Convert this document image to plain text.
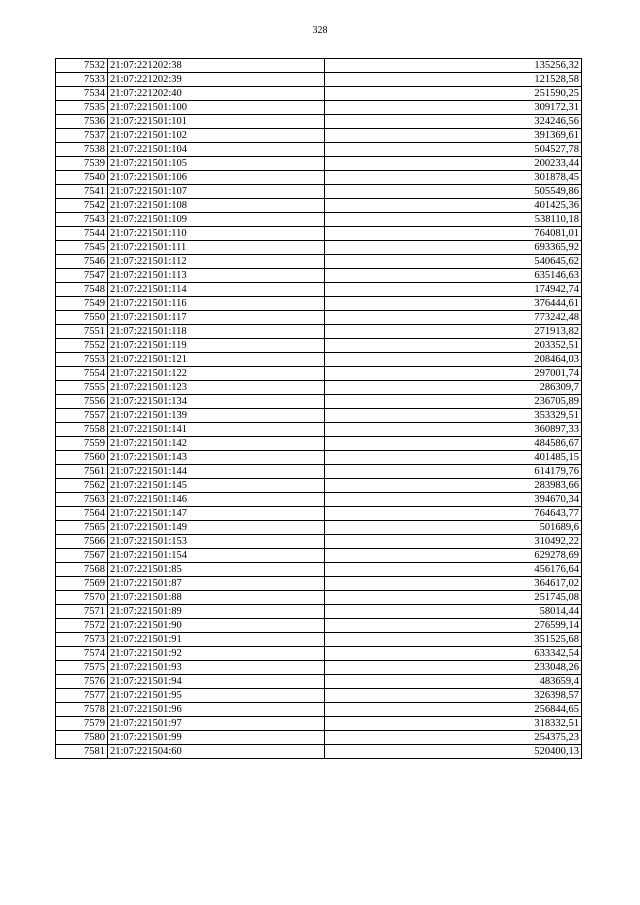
328
7532	21:07:221202:38	135256,32
7533	21:07:221202:39	121528,58
7534	21:07:221202:40	251590,25
7535	21:07:221501:100	309172,31
7536	21:07:221501:101	324246,56
7537	21:07:221501:102	391369,61
7538	21:07:221501:104	504527,78
7539	21:07:221501:105	200233,44
7540	21:07:221501:106	301878,45
7541	21:07:221501:107	505549,86
7542	21:07:221501:108	401425,36
7543	21:07:221501:109	538110,18
7544	21:07:221501:110	764081,01
7545	21:07:221501:111	693365,92
7546	21:07:221501:112	540645,62
7547	21:07:221501:113	635146,63
7548	21:07:221501:114	174942,74
7549	21:07:221501:116	376444,61
7550	21:07:221501:117	773242,48
7551	21:07:221501:118	271913,82
7552	21:07:221501:119	203352,51
7553	21:07:221501:121	208464,03
7554	21:07:221501:122	297001,74
7555	21:07:221501:123	286309,7
7556	21:07:221501:134	236705,89
7557	21:07:221501:139	353329,51
7558	21:07:221501:141	360897,33
7559	21:07:221501:142	484586,67
7560	21:07:221501:143	401485,15
7561	21:07:221501:144	614179,76
7562	21:07:221501:145	283983,66
7563	21:07:221501:146	394670,34
7564	21:07:221501:147	764643,77
7565	21:07:221501:149	501689,6
7566	21:07:221501:153	310492,22
7567	21:07:221501:154	629278,69
7568	21:07:221501:85	456176,64
7569	21:07:221501:87	364617,02
7570	21:07:221501:88	251745,08
7571	21:07:221501:89	58014,44
7572	21:07:221501:90	276599,14
7573	21:07:221501:91	351525,68
7574	21:07:221501:92	633342,54
7575	21:07:221501:93	233048,26
7576	21:07:221501:94	483659,4
7577	21:07:221501:95	326398,57
7578	21:07:221501:96	256844,65
7579	21:07:221501:97	318332,51
7580	21:07:221501:99	254375,23
7581	21:07:221504:60	520400,13
